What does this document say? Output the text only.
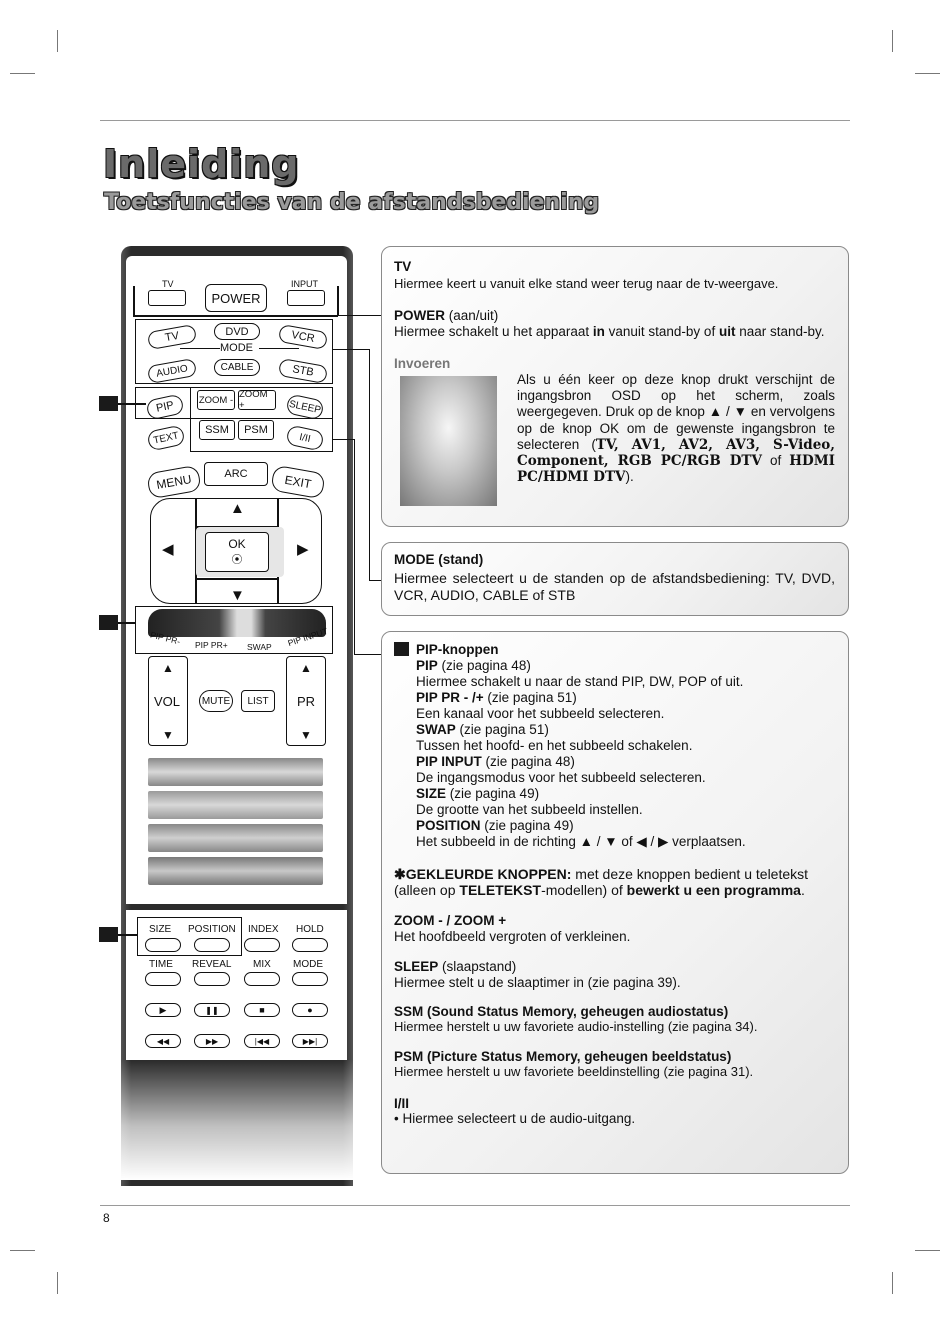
Inleiding
Toetsfuncties van de afstandsbediening
TV
POWER
INPUT
TV	DVD	VCR
MODE
AUDIO	CABLE	STB
PIP	ZOOM - ZOOM +	SLEEP
TEXT	SSM	PSM
I/II
MENU	ARC	EXIT
▲
▼
◀	▶
OK
⦿
PIP PR- PIP PR+ SWAP PIP INPUT
▲
VOL
▼
MUTE	LIST
▲
PR
▼
SIZE POSITION INDEX HOLD
TIME REVEAL MIX MODE
▶	❚❚	■	●
◀◀	▶▶	|◀◀	▶▶|
TV
Hiermee keert u vanuit elke stand weer terug naar de tv-weergave.
POWER (aan/uit)
Hiermee schakelt u het apparaat in vanuit stand-by of uit naar stand-by.
Invoeren
Als u één keer op deze knop drukt verschijnt de ingangsbron OSD op het scherm, zoals weergegeven. Druk op de knop ▲ / ▼ en vervolgens op de knop OK om de gewenste ingangsbron te selecteren (TV, AV1, AV2, AV3, S-Video, Component, RGB PC/RGB DTV of HDMI PC/HDMI DTV).
MODE (stand)
Hiermee selecteert u de standen op de afstandsbediening: TV, DVD, VCR, AUDIO, CABLE of STB
PIP-knoppen
PIP (zie pagina 48)
Hiermee schakelt u naar de stand PIP, DW, POP of uit.
PIP PR - /+ (zie pagina 51)
Een kanaal voor het subbeeld selecteren.
SWAP (zie pagina 51)
Tussen het hoofd- en het subbeeld schakelen.
PIP INPUT (zie pagina 48)
De ingangsmodus voor het subbeeld selecteren.
SIZE (zie pagina 49)
De grootte van het subbeeld instellen.
POSITION (zie pagina 49)
Het subbeeld in de richting ▲ / ▼ of ◀ / ▶ verplaatsen.
✱GEKLEURDE KNOPPEN: met deze knoppen bedient u teletekst
(alleen op TELETEKST-modellen) of bewerkt u een programma.
ZOOM - / ZOOM +
Het hoofdbeeld vergroten of verkleinen.
SLEEP (slaapstand)
Hiermee stelt u de slaaptimer in (zie pagina 39).
SSM (Sound Status Memory, geheugen audiostatus)
Hiermee herstelt u uw favoriete audio-instelling (zie pagina 34).
PSM (Picture Status Memory, geheugen beeldstatus)
Hiermee herstelt u uw favoriete beeldinstelling (zie pagina 31).
I/II
• Hiermee selecteert u de audio-uitgang.
8
